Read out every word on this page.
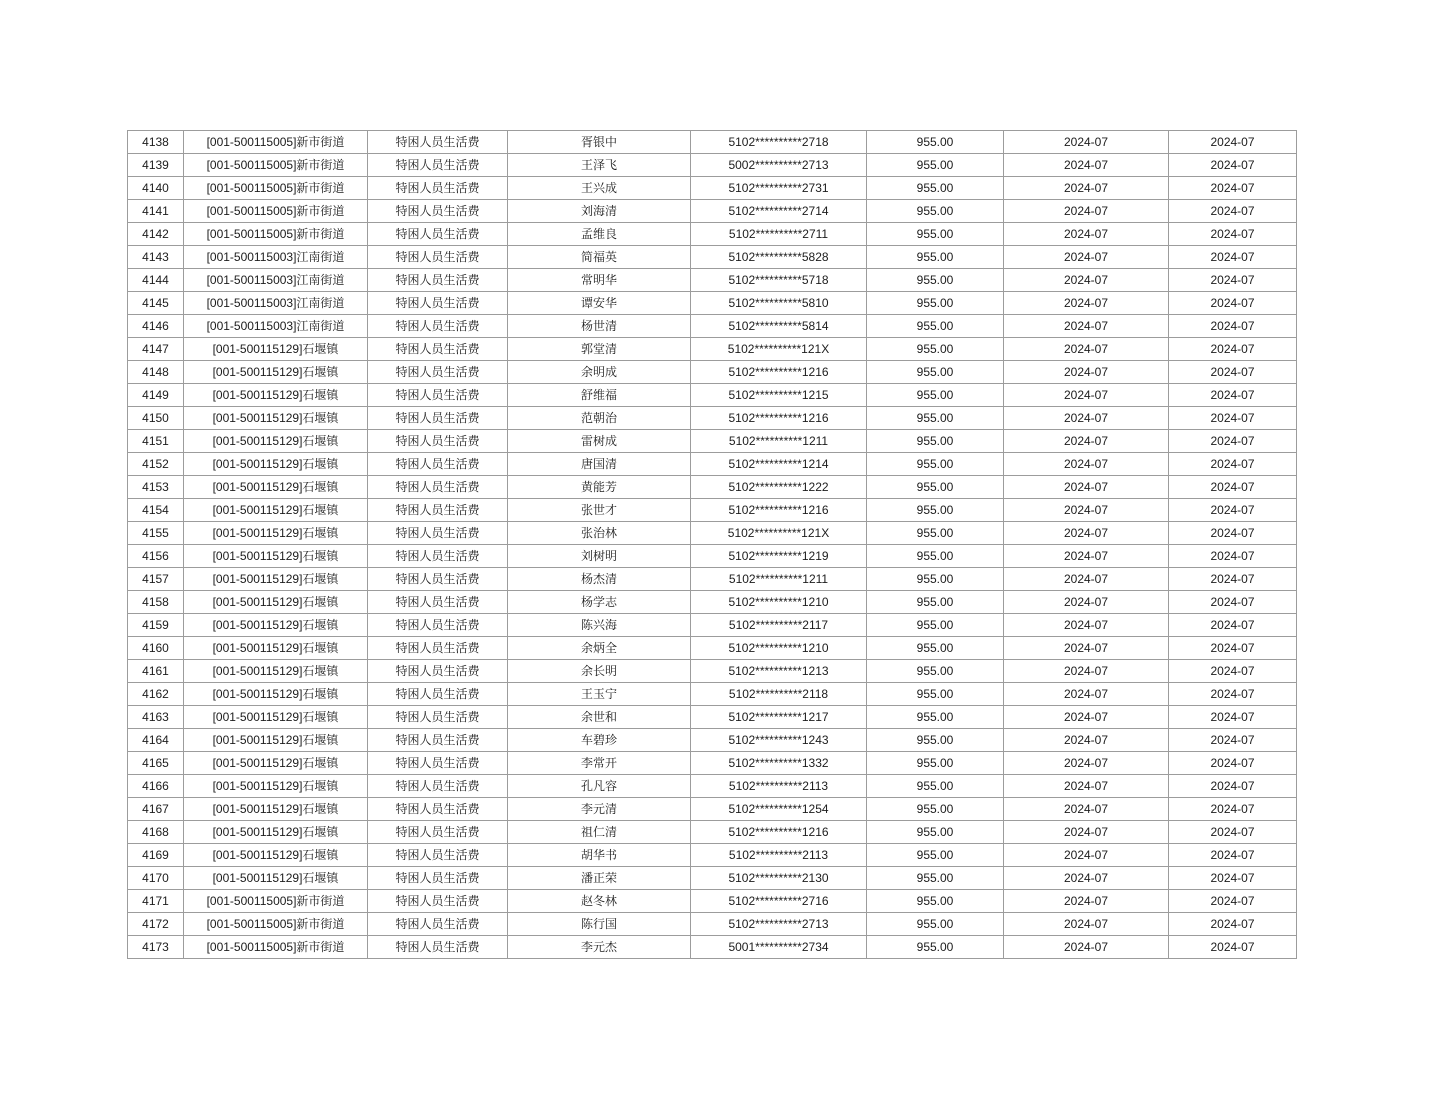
4138	[001-500115005]新市街道	特困人员生活费	胥银中	5102**********2718	955.00	2024-07	2024-07
4139	[001-500115005]新市街道	特困人员生活费	王泽飞	5002**********2713	955.00	2024-07	2024-07
4140	[001-500115005]新市街道	特困人员生活费	王兴成	5102**********2731	955.00	2024-07	2024-07
4141	[001-500115005]新市街道	特困人员生活费	刘海清	5102**********2714	955.00	2024-07	2024-07
4142	[001-500115005]新市街道	特困人员生活费	孟维良	5102**********2711	955.00	2024-07	2024-07
4143	[001-500115003]江南街道	特困人员生活费	简福英	5102**********5828	955.00	2024-07	2024-07
4144	[001-500115003]江南街道	特困人员生活费	常明华	5102**********5718	955.00	2024-07	2024-07
4145	[001-500115003]江南街道	特困人员生活费	谭安华	5102**********5810	955.00	2024-07	2024-07
4146	[001-500115003]江南街道	特困人员生活费	杨世清	5102**********5814	955.00	2024-07	2024-07
4147	[001-500115129]石堰镇	特困人员生活费	郭堂清	5102**********121X	955.00	2024-07	2024-07
4148	[001-500115129]石堰镇	特困人员生活费	余明成	5102**********1216	955.00	2024-07	2024-07
4149	[001-500115129]石堰镇	特困人员生活费	舒维福	5102**********1215	955.00	2024-07	2024-07
4150	[001-500115129]石堰镇	特困人员生活费	范朝治	5102**********1216	955.00	2024-07	2024-07
4151	[001-500115129]石堰镇	特困人员生活费	雷树成	5102**********1211	955.00	2024-07	2024-07
4152	[001-500115129]石堰镇	特困人员生活费	唐国清	5102**********1214	955.00	2024-07	2024-07
4153	[001-500115129]石堰镇	特困人员生活费	黄能芳	5102**********1222	955.00	2024-07	2024-07
4154	[001-500115129]石堰镇	特困人员生活费	张世才	5102**********1216	955.00	2024-07	2024-07
4155	[001-500115129]石堰镇	特困人员生活费	张治林	5102**********121X	955.00	2024-07	2024-07
4156	[001-500115129]石堰镇	特困人员生活费	刘树明	5102**********1219	955.00	2024-07	2024-07
4157	[001-500115129]石堰镇	特困人员生活费	杨杰清	5102**********1211	955.00	2024-07	2024-07
4158	[001-500115129]石堰镇	特困人员生活费	杨学志	5102**********1210	955.00	2024-07	2024-07
4159	[001-500115129]石堰镇	特困人员生活费	陈兴海	5102**********2117	955.00	2024-07	2024-07
4160	[001-500115129]石堰镇	特困人员生活费	余炳全	5102**********1210	955.00	2024-07	2024-07
4161	[001-500115129]石堰镇	特困人员生活费	余长明	5102**********1213	955.00	2024-07	2024-07
4162	[001-500115129]石堰镇	特困人员生活费	王玉宁	5102**********2118	955.00	2024-07	2024-07
4163	[001-500115129]石堰镇	特困人员生活费	余世和	5102**********1217	955.00	2024-07	2024-07
4164	[001-500115129]石堰镇	特困人员生活费	车碧珍	5102**********1243	955.00	2024-07	2024-07
4165	[001-500115129]石堰镇	特困人员生活费	李常开	5102**********1332	955.00	2024-07	2024-07
4166	[001-500115129]石堰镇	特困人员生活费	孔凡容	5102**********2113	955.00	2024-07	2024-07
4167	[001-500115129]石堰镇	特困人员生活费	李元清	5102**********1254	955.00	2024-07	2024-07
4168	[001-500115129]石堰镇	特困人员生活费	祖仁清	5102**********1216	955.00	2024-07	2024-07
4169	[001-500115129]石堰镇	特困人员生活费	胡华书	5102**********2113	955.00	2024-07	2024-07
4170	[001-500115129]石堰镇	特困人员生活费	潘正荣	5102**********2130	955.00	2024-07	2024-07
4171	[001-500115005]新市街道	特困人员生活费	赵冬林	5102**********2716	955.00	2024-07	2024-07
4172	[001-500115005]新市街道	特困人员生活费	陈行国	5102**********2713	955.00	2024-07	2024-07
4173	[001-500115005]新市街道	特困人员生活费	李元杰	5001**********2734	955.00	2024-07	2024-07
